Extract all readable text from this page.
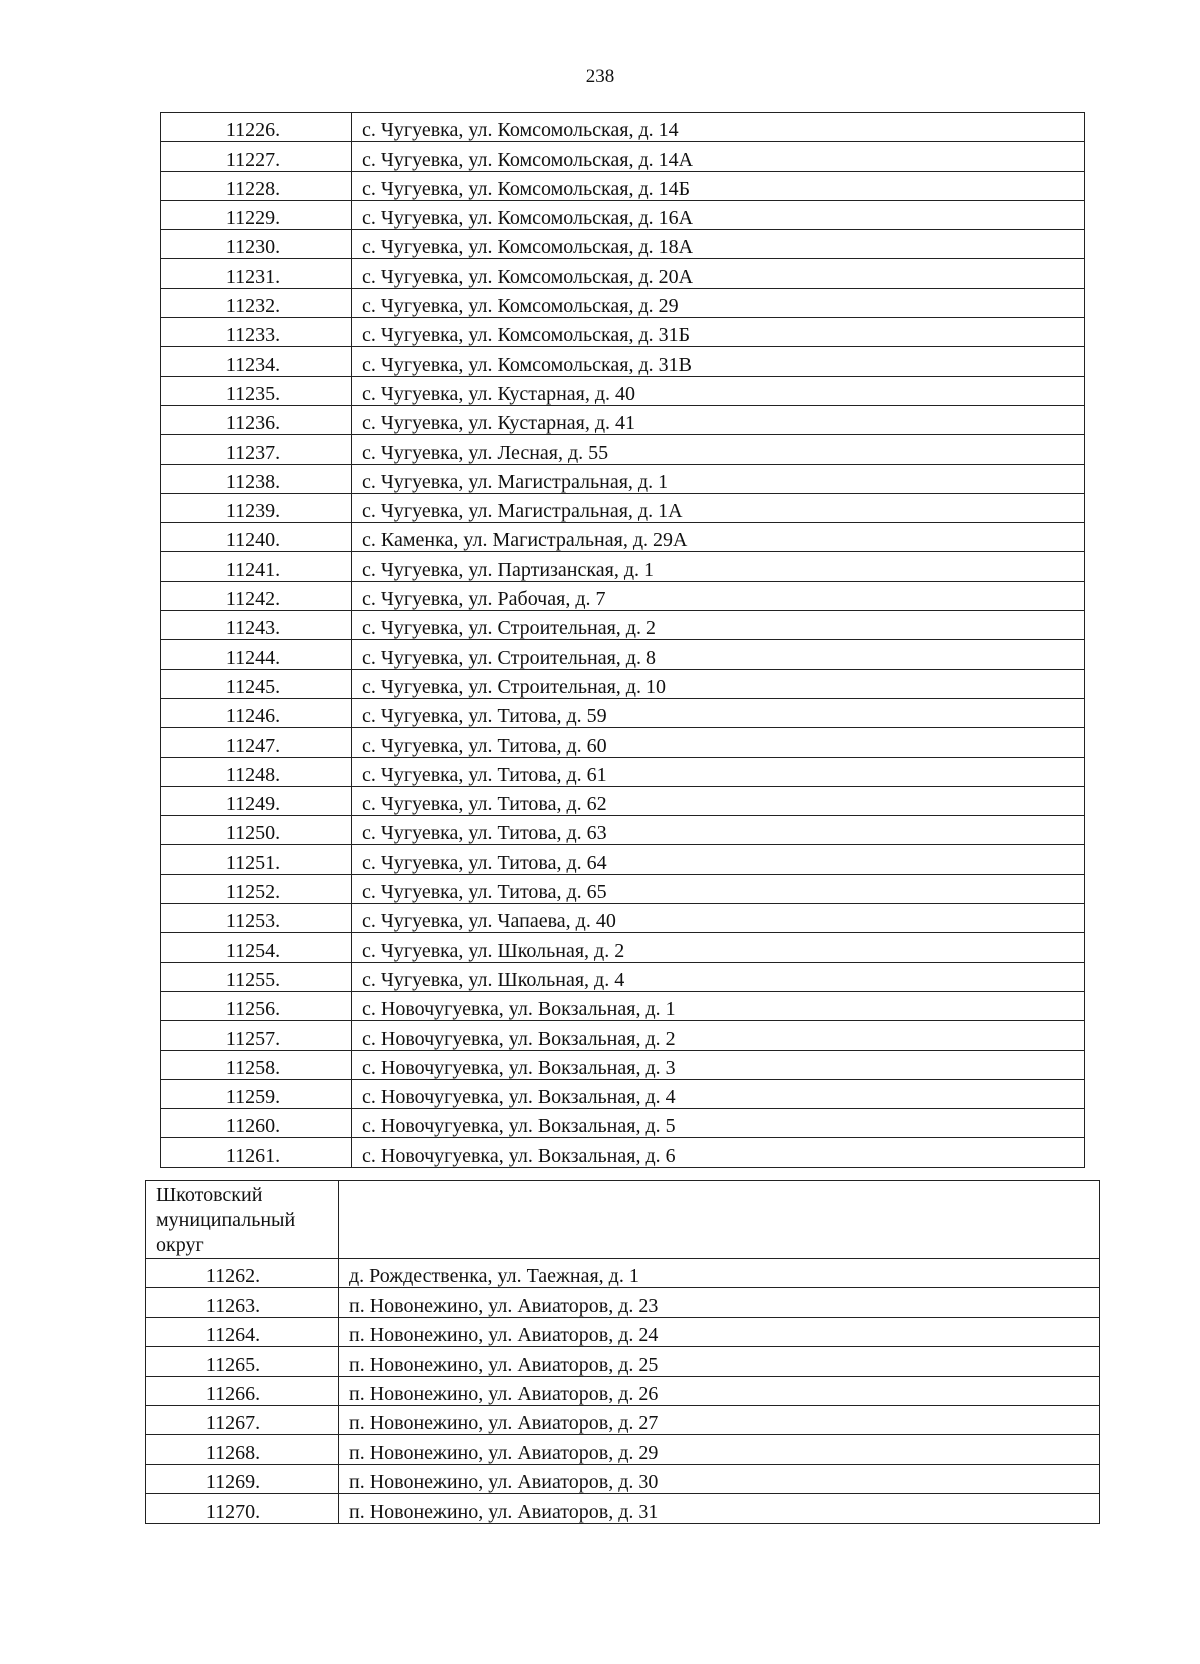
238
11226.	с. Чугуевка, ул. Комсомольская, д. 14
11227.	с. Чугуевка, ул. Комсомольская, д. 14А
11228.	с. Чугуевка, ул. Комсомольская, д. 14Б
11229.	с. Чугуевка, ул. Комсомольская, д. 16А
11230.	с. Чугуевка, ул. Комсомольская, д. 18А
11231.	с. Чугуевка, ул. Комсомольская, д. 20А
11232.	с. Чугуевка, ул. Комсомольская, д. 29
11233.	с. Чугуевка, ул. Комсомольская, д. 31Б
11234.	с. Чугуевка, ул. Комсомольская, д. 31В
11235.	с. Чугуевка, ул. Кустарная, д. 40
11236.	с. Чугуевка, ул. Кустарная, д. 41
11237.	с. Чугуевка, ул. Лесная, д. 55
11238.	с. Чугуевка, ул. Магистральная, д. 1
11239.	с. Чугуевка, ул. Магистральная, д. 1А
11240.	с. Каменка, ул. Магистральная, д. 29А
11241.	с. Чугуевка, ул. Партизанская, д. 1
11242.	с. Чугуевка, ул. Рабочая, д. 7
11243.	с. Чугуевка, ул. Строительная, д. 2
11244.	с. Чугуевка, ул. Строительная, д. 8
11245.	с. Чугуевка, ул. Строительная, д. 10
11246.	с. Чугуевка, ул. Титова, д. 59
11247.	с. Чугуевка, ул. Титова, д. 60
11248.	с. Чугуевка, ул. Титова, д. 61
11249.	с. Чугуевка, ул. Титова, д. 62
11250.	с. Чугуевка, ул. Титова, д. 63
11251.	с. Чугуевка, ул. Титова, д. 64
11252.	с. Чугуевка, ул. Титова, д. 65
11253.	с. Чугуевка, ул. Чапаева, д. 40
11254.	с. Чугуевка, ул. Школьная, д. 2
11255.	с. Чугуевка, ул. Школьная, д. 4
11256.	с. Новочугуевка, ул. Вокзальная, д. 1
11257.	с. Новочугуевка, ул. Вокзальная, д. 2
11258.	с. Новочугуевка, ул. Вокзальная, д. 3
11259.	с. Новочугуевка, ул. Вокзальная, д. 4
11260.	с. Новочугуевка, ул. Вокзальная, д. 5
11261.	с. Новочугуевка, ул. Вокзальная, д. 6
Шкотовский муниципальный округ	
11262.	д. Рождественка, ул. Таежная, д. 1
11263.	п. Новонежино, ул. Авиаторов, д. 23
11264.	п. Новонежино, ул. Авиаторов, д. 24
11265.	п. Новонежино, ул. Авиаторов, д. 25
11266.	п. Новонежино, ул. Авиаторов, д. 26
11267.	п. Новонежино, ул. Авиаторов, д. 27
11268.	п. Новонежино, ул. Авиаторов, д. 29
11269.	п. Новонежино, ул. Авиаторов, д. 30
11270.	п. Новонежино, ул. Авиаторов, д. 31
